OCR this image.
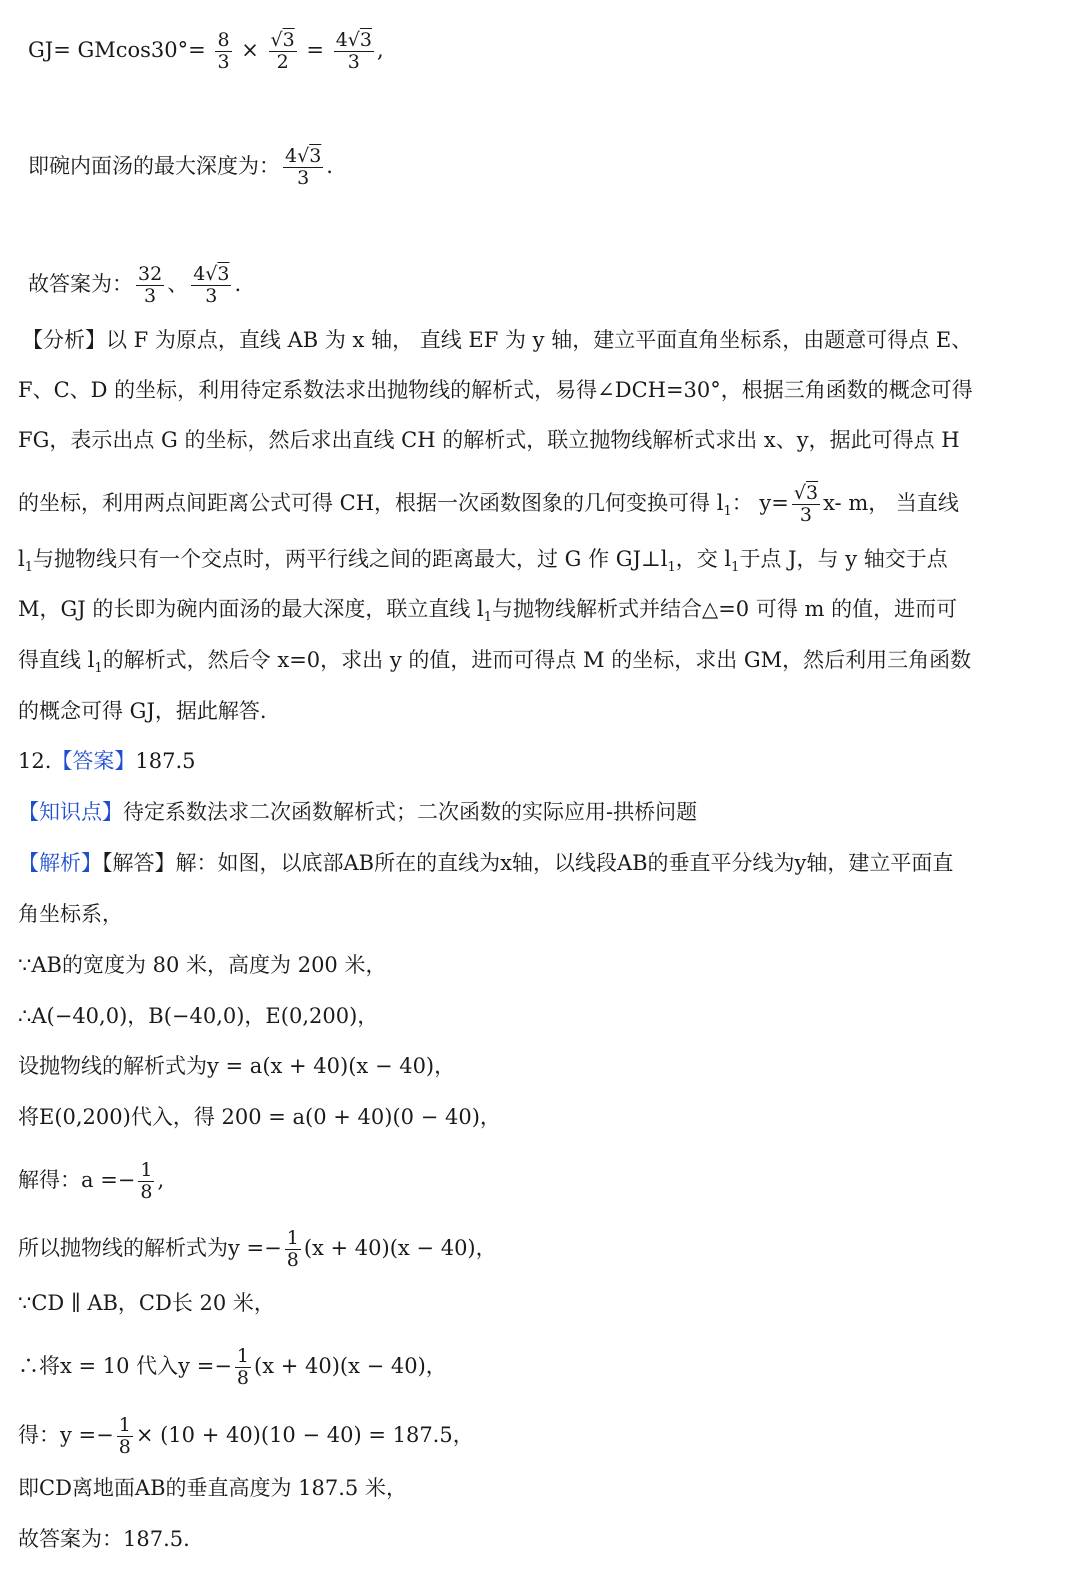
$GJ= GMcos30^\circ= \frac{8}{3} \times \frac{√3}{2} = \frac{4√3}{3}$ ,
即碗内面汤的最大深度为： $\frac{4√3}{3}$ .
故答案为： $\frac{32}{3}$ 、 $\frac{4√3}{3}$ .
【分析】以 F 为原点，直线 AB 为 x 轴， 直线 EF 为 y 轴，建立平面直角坐标系，由题意可得点 E、
F、C、D 的坐标，利用待定系数法求出抛物线的解析式，易得∠DCH=30°，根据三角函数的概念可得
FG，表示出点 G 的坐标，然后求出直线 CH 的解析式，联立抛物线解析式求出 x、y，据此可得点 H
的坐标，利用两点间距离公式可得 CH，根据一次函数图象的几何变换可得 $l_1$： $y= \frac{√3}{3} x-$ m， 当直线
$l_1$与抛物线只有一个交点时，两平行线之间的距离最大，过 G 作 $GJ\perp l_1$，交 $l_1$于点 J，与 y 轴交于点
M，GJ 的长即为碗内面汤的最大深度，联立直线 $l_1$与抛物线解析式并结合△=0 可得 m 的值，进而可
得直线 $l_1$的解析式，然后令 x=0，求出 y 的值，进而可得点 M 的坐标，求出 GM，然后利用三角函数
的概念可得 GJ，据此解答.
12.【答案】187.5
【知识点】待定系数法求二次函数解析式；二次函数的实际应用-拱桥问题
【解析】【解答】解：如图，以底部AB所在的直线为x轴，以线段AB的垂直平分线为y轴，建立平面直
角坐标系，
∵AB的宽度为 80 米，高度为 200 米，
∴A(−40,0)，B(−40,0)，E(0,200)，
设抛物线的解析式为y = a(x + 40)(x − 40)，
将E(0,200)代入，得 200 = a(0 + 40)(0 − 40)，
解得：$a =- \frac{1}{8}$ ,
所以抛物线的解析式为$y =- \frac{1}{8} (x + 40)(x - 40)$，
∵CD ∥ AB，CD长 20 米，
∴将x = 10 代入$y =- \frac{1}{8} (x + 40)(x - 40)$，
得：$y =- \frac{1}{8} \times (10 + 40)(10 - 40) = 187.5$，
即CD离地面AB的垂直高度为 187.5 米，
故答案为：187.5.
